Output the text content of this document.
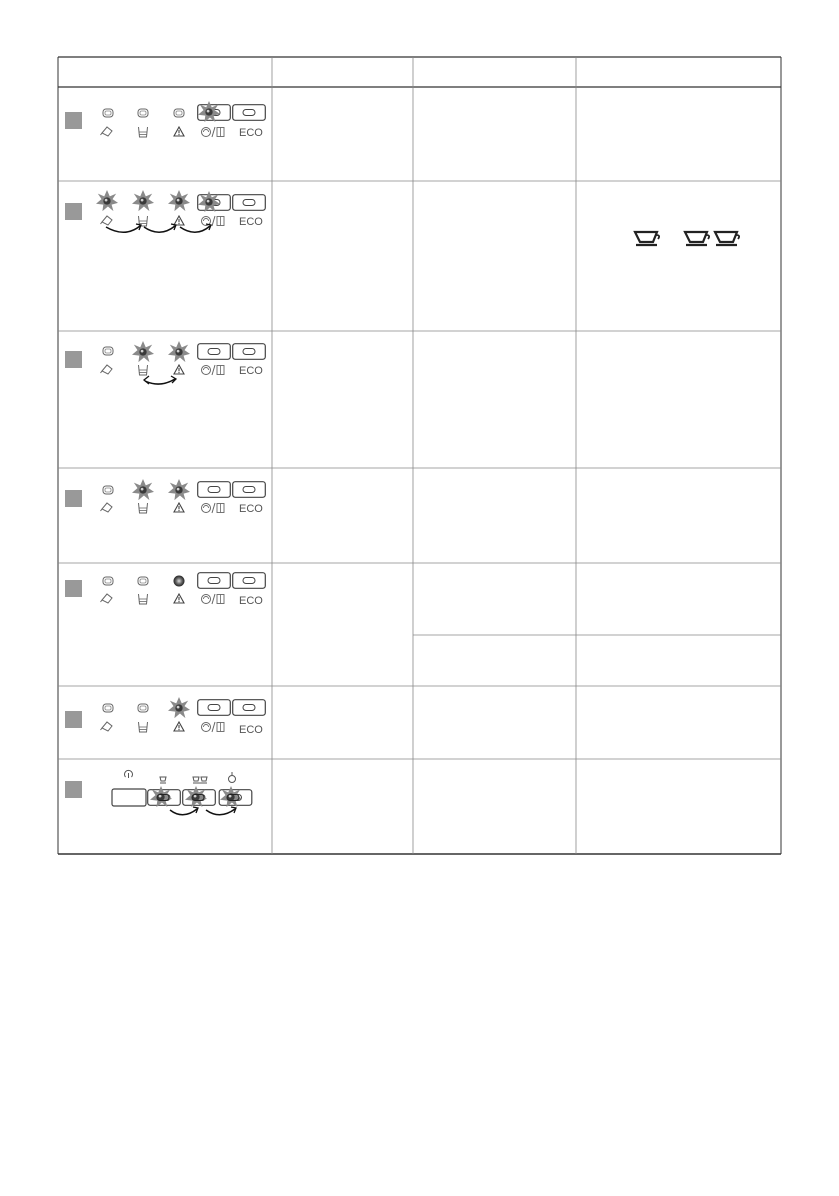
ECO
ECO
ECO
ECO
ECO
ECO
